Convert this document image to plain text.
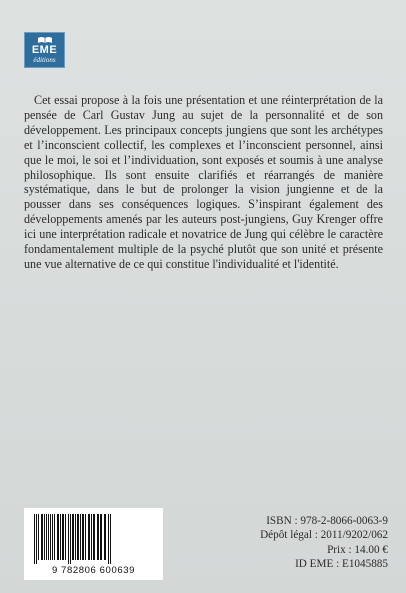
EME
éditions

Cet essai propose à la fois une présentation et une réinterprétation de la pensée de Carl Gustav Jung au sujet de la personnalité et de son développement. Les principaux concepts jungiens que sont les archétypes et l’inconscient collectif, les complexes et l’inconscient personnel, ainsi que le moi, le soi et l’individuation, sont exposés et soumis à une analyse philosophique. Ils sont ensuite clarifiés et réarrangés de manière systématique, dans le but de prolonger la vision jungienne et de la pousser dans ses conséquences logiques. S’inspirant également des développements amenés par les auteurs post-jungiens, Guy Krenger offre ici une interprétation radicale et novatrice de Jung qui célèbre le caractère fondamentalement multiple de la psyché plutôt que son unité et présente une vue alternative de ce qui constitue l'individualité et l'identité.

9 782806 600639
ISBN : 978-2-8066-0063-9
Dépôt légal : 2011/9202/062
Prix : 14.00 €
ID EME : E1045885
